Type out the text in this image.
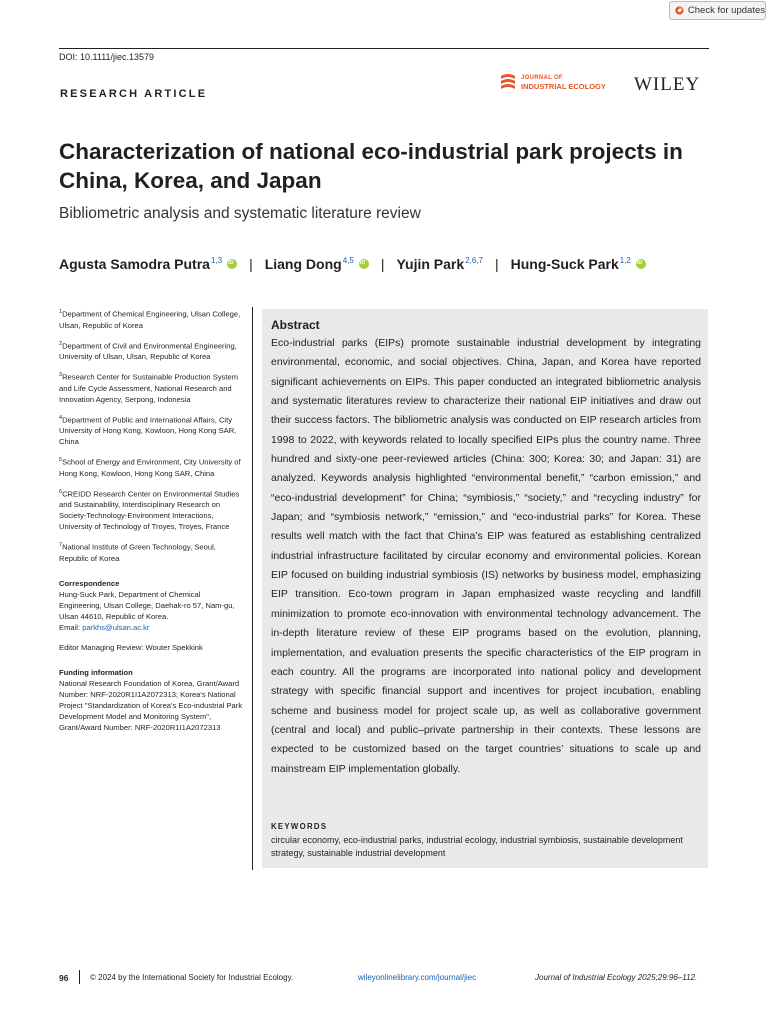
Check for updates
DOI: 10.1111/jiec.13579
RESEARCH ARTICLE
JOURNAL OF
INDUSTRIAL ECOLOGY WILEY
Characterization of national eco-industrial park projects in China, Korea, and Japan
Bibliometric analysis and systematic literature review
Agusta Samodra Putra$^{1,3}$ iD | Liang Dong$^{4,5}$ iD | Yujin Park$^{2,6,7}$ | Hung-Suck Park$^{1,2}$
iD
$^1$Department of Chemical Engineering, Ulsan College, Ulsan, Republic of Korea
$^2$Department of Civil and Environmental Engineering, University of Ulsan, Ulsan, Republic of Korea
$^3$Research Center for Sustainable Production System and Life Cycle Assessment, National Research and Innovation Agency, Serpong, Indonesia
$^4$Department of Public and International Affairs, City University of Hong Kong, Kowloon, Hong Kong SAR, China
$^5$School of Energy and Environment, City University of Hong Kong, Kowloon, Hong Kong SAR, China
$^6$CREIDD Research Center on Environmental Studies and Sustainability, Interdisciplinary Research on Society-Technology-Environment Interactions, University of Technology of Troyes, Troyes, France
$^7$National Institute of Green Technology, Seoul, Republic of Korea
Correspondence
Hung-Suck Park, Department of Chemical Engineering, Ulsan College, Daehak-ro 57, Nam-gu, Ulsan 44610, Republic of Korea.
Email: parkhs@ulsan.ac.kr
Editor Managing Review: Wouter Spekkink
Funding information
National Research Foundation of Korea, Grant/Award Number: NRF-2020R1I1A2072313; Korea's National Project "Standardization of Korea's Eco-industrial Park Development Model and Monitoring System", Grant/Award Number: NRF-2020R1I1A2072313
Abstract
Eco-industrial parks (EIPs) promote sustainable industrial development by integrating environmental, economic, and social objectives. China, Japan, and Korea have reported significant achievements on EIPs. This paper conducted an integrated bibliometric analysis and systematic literatures review to characterize their national EIP initiatives and draw out their success factors. The bibliometric analysis was conducted on EIP research articles from 1998 to 2022, with keywords related to locally specified EIPs plus the country name. Three hundred and sixty-one peer-reviewed articles (China: 300; Korea: 30; and Japan: 31) are analyzed. Keywords analysis highlighted “environmental benefit,” “carbon emission,” and “eco-industrial development” for China; “symbiosis,” “society,” and “recycling industry” for Japan; and “symbiosis network,” “emission,” and “eco-industrial parks” for Korea. These results well match with the fact that China’s EIP was featured as establishing centralized industrial infrastructure facilitated by circular economy and environmental policies. Korean EIP focused on building industrial symbiosis (IS) networks by business model, emphasizing EIP transition. Eco-town program in Japan emphasized waste recycling and landfill minimization to promote eco-innovation with environmental technology advancement. The in-depth literature review of these EIP programs based on the evolution, planning, implementation, and evaluation presents the specific characteristics of the EIP program in each country. All the programs are incorporated into national policy and development strategy with specific financial support and incentives for project incubation, enabling scheme and business model for project scale up, as well as collaborative government (central and local) and public–private partnership in their contexts. These lessons are expected to be customized based on the target countries’ situations to scale up and mainstream EIP implementation globally.
KEYWORDS
circular economy, eco-industrial parks, industrial ecology, industrial symbiosis, sustainable development strategy, sustainable industrial development
96	© 2024 by the International Society for Industrial Ecology.	wileyonlinelibrary.com/journal/jiec	Journal of Industrial Ecology 2025;29:96–112.
